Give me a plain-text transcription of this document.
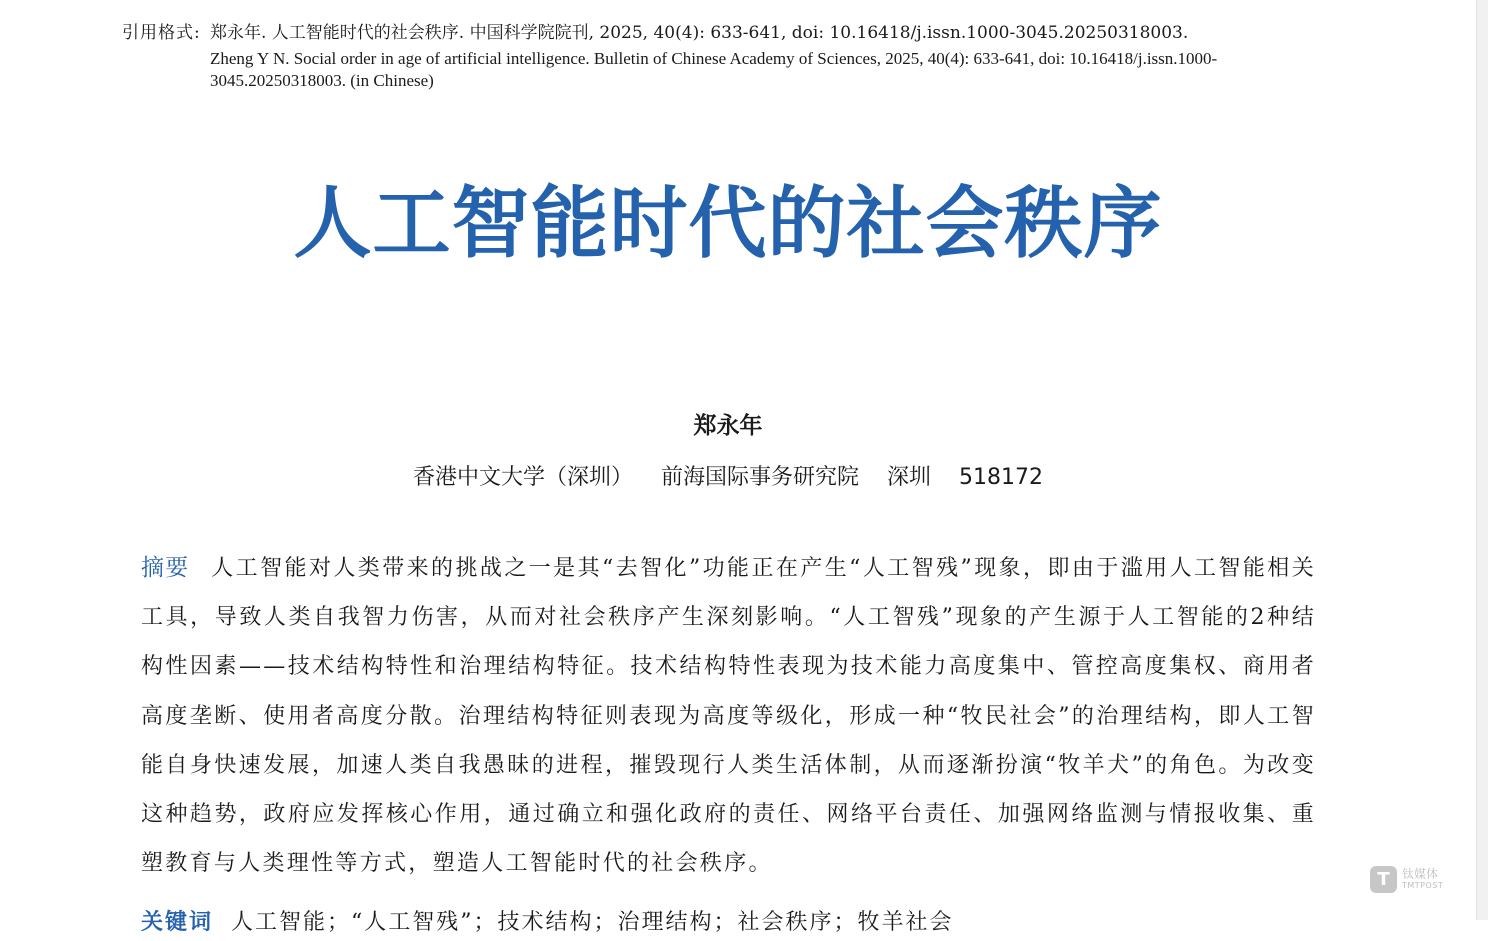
引用格式: 郑永年. 人工智能时代的社会秩序. 中国科学院院刊, 2025, 40(4): 633-641, doi: 10.16418/j.issn.1000-3045.20250318003.
Zheng Y N. Social order in age of artificial intelligence. Bulletin of Chinese Academy of Sciences, 2025, 40(4): 633-641, doi: 10.16418/j.issn.1000-3045.20250318003. (in Chinese)
人工智能时代的社会秩序
郑永年
香港中文大学（深圳）    前海国际事务研究院    深圳    518172

摘要 人工智能对人类带来的挑战之一是其“去智化”功能正在产生“人工智残”现象，即由于滥用人工智能相关工具，导致人类自我智力伤害，从而对社会秩序产生深刻影响。“人工智残”现象的产生源于人工智能的2种结构性因素——技术结构特性和治理结构特征。技术结构特性表现为技术能力高度集中、管控高度集权、商用者高度垄断、使用者高度分散。治理结构特征则表现为高度等级化，形成一种“牧民社会”的治理结构，即人工智能自身快速发展，加速人类自我愚昧的进程，摧毁现行人类生活体制，从而逐渐扮演“牧羊犬”的角色。为改变这种趋势，政府应发挥核心作用，通过确立和强化政府的责任、网络平台责任、加强网络监测与情报收集、重塑教育与人类理性等方式，塑造人工智能时代的社会秩序。

关键词 人工智能；“人工智残”；技术结构；治理结构；社会秩序；牧羊社会
T	钛媒体
TMTPOST
